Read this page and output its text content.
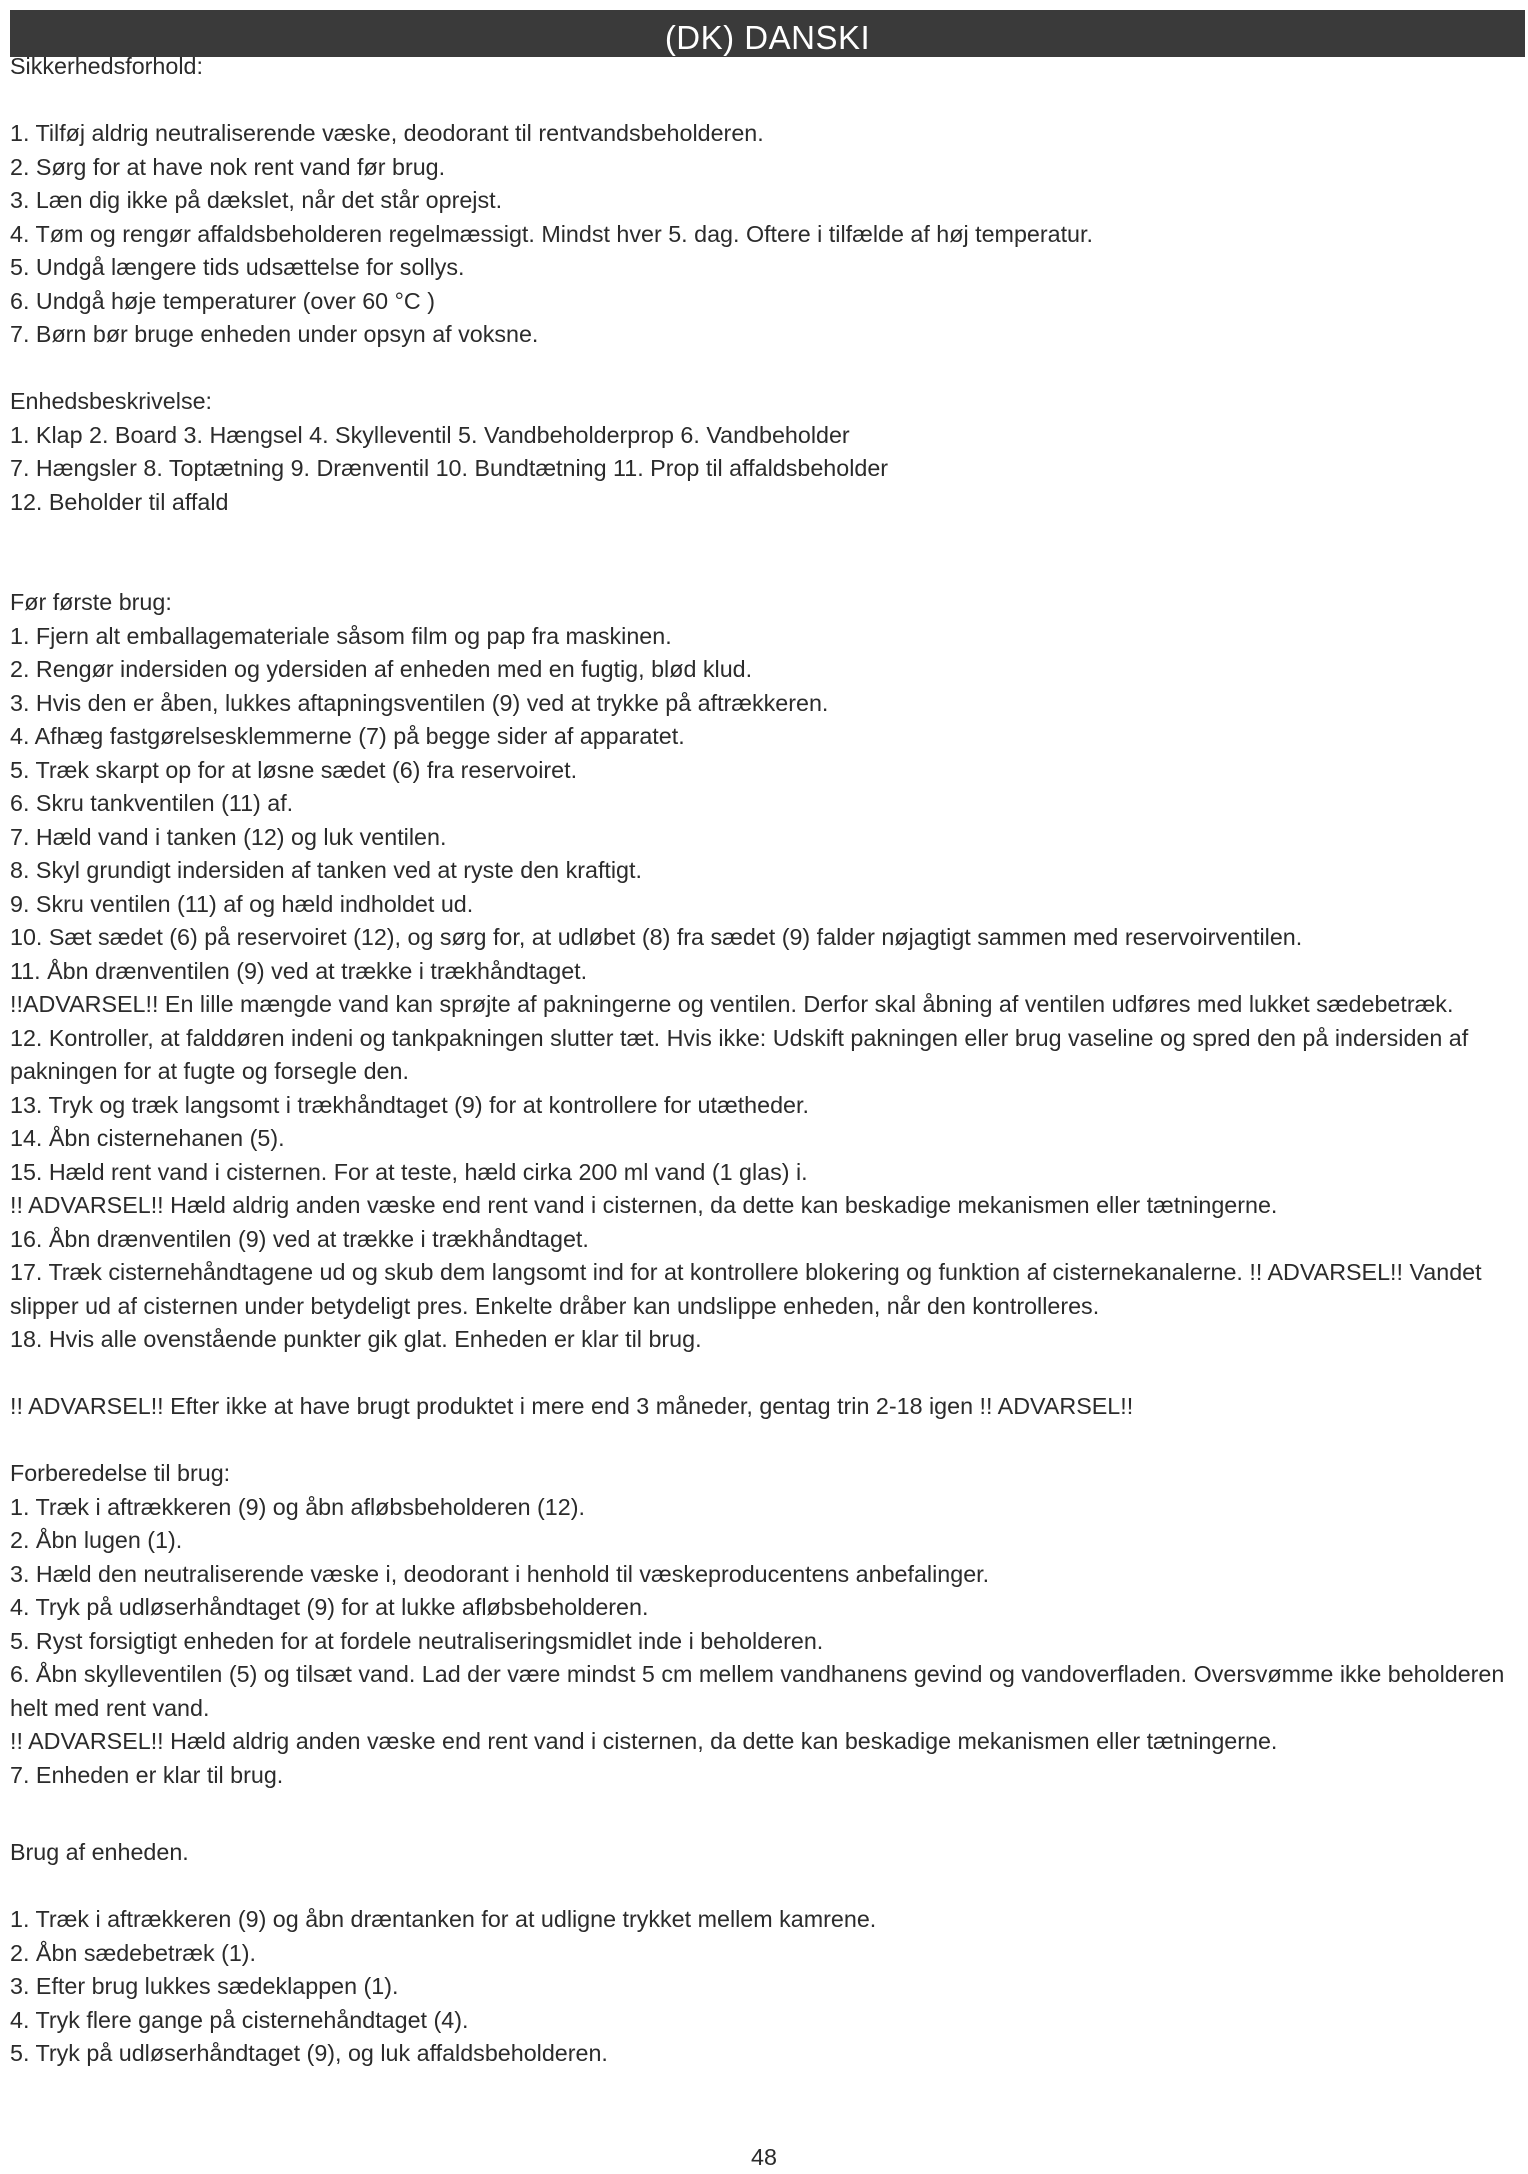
(DK) DANSKI
Sikkerhedsforhold:
1. Tilføj aldrig neutraliserende væske, deodorant til rentvandsbeholderen.
2. Sørg for at have nok rent vand før brug.
3. Læn dig ikke på dækslet, når det står oprejst.
4. Tøm og rengør affaldsbeholderen regelmæssigt. Mindst hver 5. dag. Oftere i tilfælde af høj temperatur.
5. Undgå længere tids udsættelse for sollys.
6. Undgå høje temperaturer (over 60 °C )
7. Børn bør bruge enheden under opsyn af voksne.
Enhedsbeskrivelse:
1. Klap 2. Board 3. Hængsel 4. Skylleventil 5. Vandbeholderprop 6. Vandbeholder
7. Hængsler 8. Toptætning 9. Drænventil 10. Bundtætning 11. Prop til affaldsbeholder
12. Beholder til affald
Før første brug:
1. Fjern alt emballagemateriale såsom film og pap fra maskinen.
2. Rengør indersiden og ydersiden af enheden med en fugtig, blød klud.
3. Hvis den er åben, lukkes aftapningsventilen (9) ved at trykke på aftrækkeren.
4. Afhæg fastgørelsesklemmerne (7) på begge sider af apparatet.
5. Træk skarpt op for at løsne sædet (6) fra reservoiret.
6. Skru tankventilen (11) af.
7. Hæld vand i tanken (12) og luk ventilen.
8. Skyl grundigt indersiden af tanken ved at ryste den kraftigt.
9. Skru ventilen (11) af og hæld indholdet ud.
10. Sæt sædet (6) på reservoiret (12), og sørg for, at udløbet (8) fra sædet (9) falder nøjagtigt sammen med reservoirventilen.
11. Åbn drænventilen (9) ved at trække i trækhåndtaget.
!!ADVARSEL!! En lille mængde vand kan sprøjte af pakningerne og ventilen. Derfor skal åbning af ventilen udføres med lukket sædebetræk.
12. Kontroller, at falddøren indeni og tankpakningen slutter tæt. Hvis ikke: Udskift pakningen eller brug vaseline og spred den på indersiden af pakningen for at fugte og forsegle den.
13. Tryk og træk langsomt i trækhåndtaget (9) for at kontrollere for utætheder.
14. Åbn cisternehanen (5).
15. Hæld rent vand i cisternen. For at teste, hæld cirka 200 ml vand (1 glas) i.
!! ADVARSEL!! Hæld aldrig anden væske end rent vand i cisternen, da dette kan beskadige mekanismen eller tætningerne.
16. Åbn drænventilen (9) ved at trække i trækhåndtaget.
17. Træk cisternehåndtagene ud og skub dem langsomt ind for at kontrollere blokering og funktion af cisternekanalerne. !! ADVARSEL!! Vandet slipper ud af cisternen under betydeligt pres. Enkelte dråber kan undslippe enheden, når den kontrolleres.
18. Hvis alle ovenstående punkter gik glat. Enheden er klar til brug.
!! ADVARSEL!! Efter ikke at have brugt produktet i mere end 3 måneder, gentag trin 2-18 igen !! ADVARSEL!!
Forberedelse til brug:
1. Træk i aftrækkeren (9) og åbn afløbsbeholderen (12).
2. Åbn lugen (1).
3. Hæld den neutraliserende væske i, deodorant i henhold til væskeproducentens anbefalinger.
4. Tryk på udløserhåndtaget (9) for at lukke afløbsbeholderen.
5. Ryst forsigtigt enheden for at fordele neutraliseringsmidlet inde i beholderen.
6. Åbn skylleventilen (5) og tilsæt vand. Lad der være mindst 5 cm mellem vandhanens gevind og vandoverfladen. Oversvømme ikke beholderen helt med rent vand.
!! ADVARSEL!! Hæld aldrig anden væske end rent vand i cisternen, da dette kan beskadige mekanismen eller tætningerne.
7. Enheden er klar til brug.
Brug af enheden.
1. Træk i aftrækkeren (9) og åbn dræntanken for at udligne trykket mellem kamrene.
2. Åbn sædebetræk (1).
3. Efter brug lukkes sædeklappen (1).
4. Tryk flere gange på cisternehåndtaget (4).
5. Tryk på udløserhåndtaget (9), og luk affaldsbeholderen.
48
